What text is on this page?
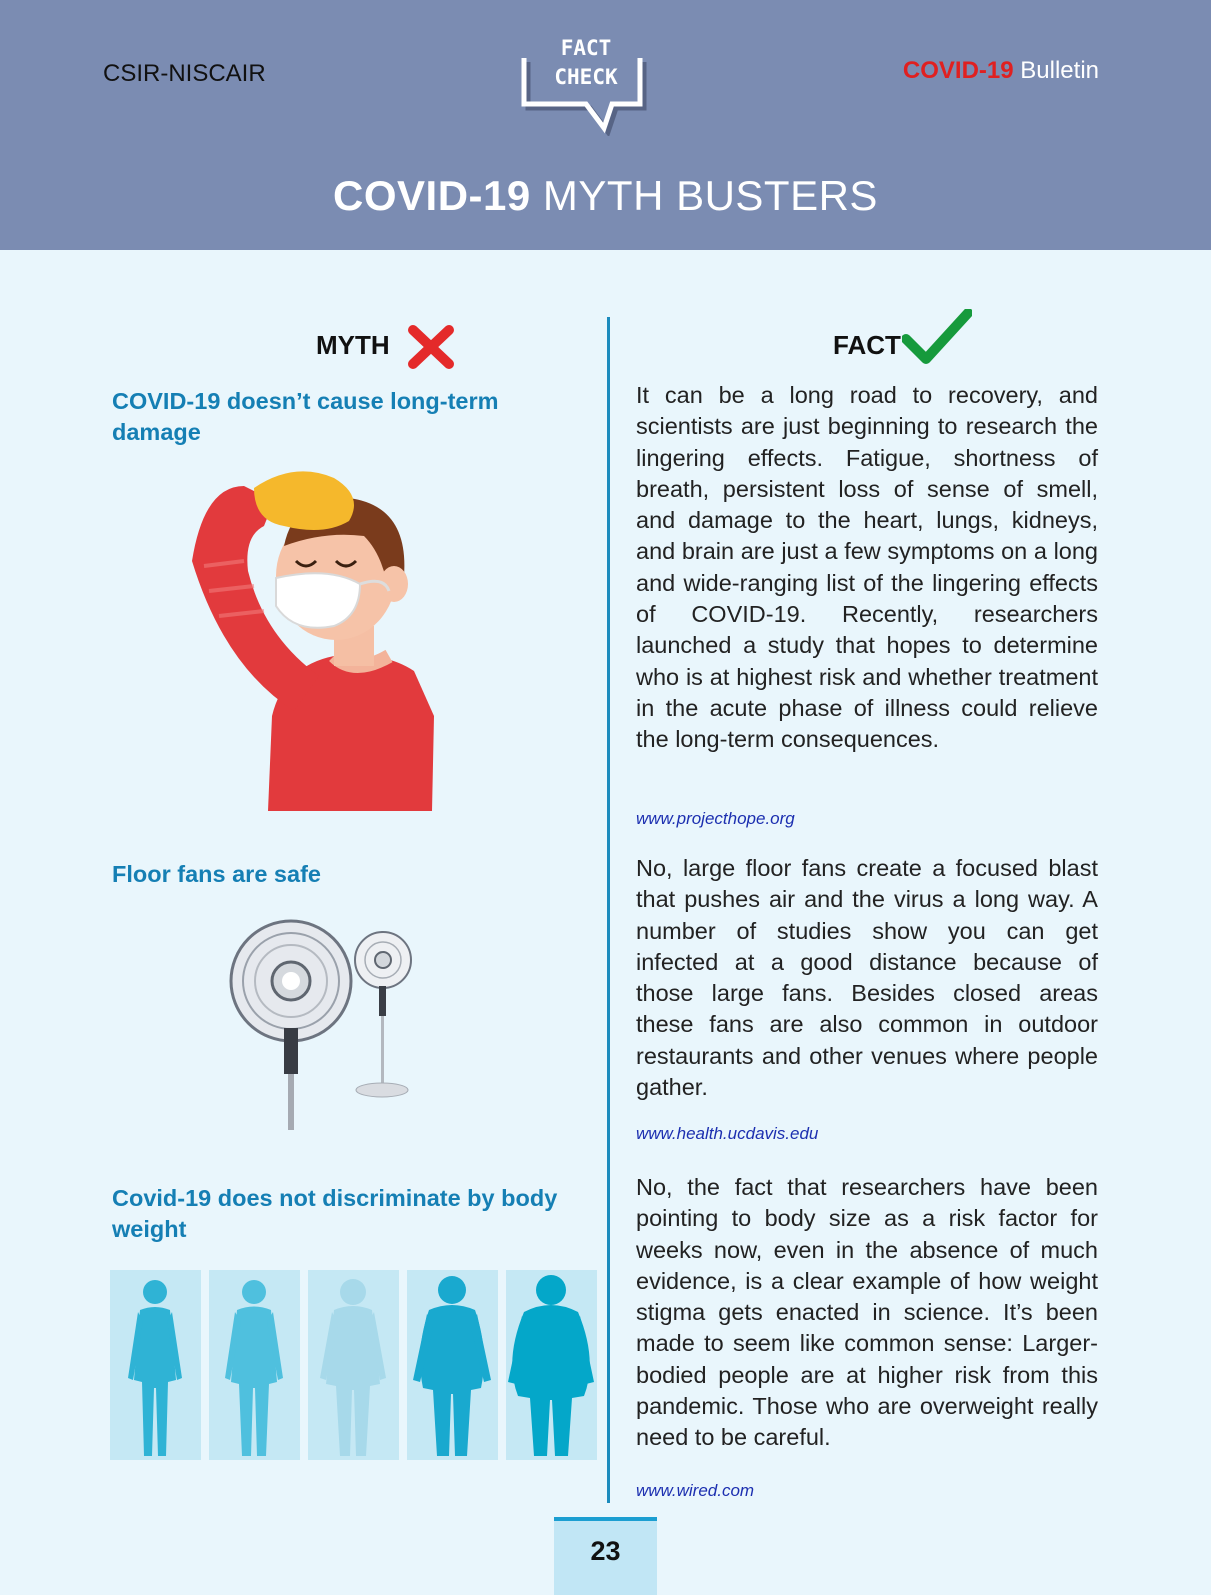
CSIR-NISCAIR
FACT
CHECK	COVID-19 Bulletin
COVID-19 MYTH BUSTERS
MYTH	FACT
COVID-19 doesn’t cause long-term damage
It can be a long road to recovery, and scientists are just beginning to research the lingering effects. Fatigue, shortness of breath, persistent loss of sense of smell, and damage to the heart, lungs, kidneys, and brain are just a few symptoms on a long and wide-ranging list of the lingering effects of COVID-19. Recently, researchers launched a study that hopes to determine who is at highest risk and whether treatment in the acute phase of illness could relieve the long-term consequences.
www.projecthope.org
Floor fans are safe	No, large floor fans create a focused blast that pushes air and the virus a long way. A number of studies show you can get infected at a good distance because of those large fans. Besides closed areas these fans are also common in outdoor restaurants and other venues where people gather.
www.health.ucdavis.edu
Covid-19 does not discriminate by body weight
No, the fact that researchers have been pointing to body size as a risk factor for weeks now, even in the absence of much evidence, is a clear example of how weight stigma gets enacted in science. It’s been made to seem like common sense: Larger-bodied people are at higher risk from this pandemic. Those who are overweight really need to be careful.
www.wired.com
23
